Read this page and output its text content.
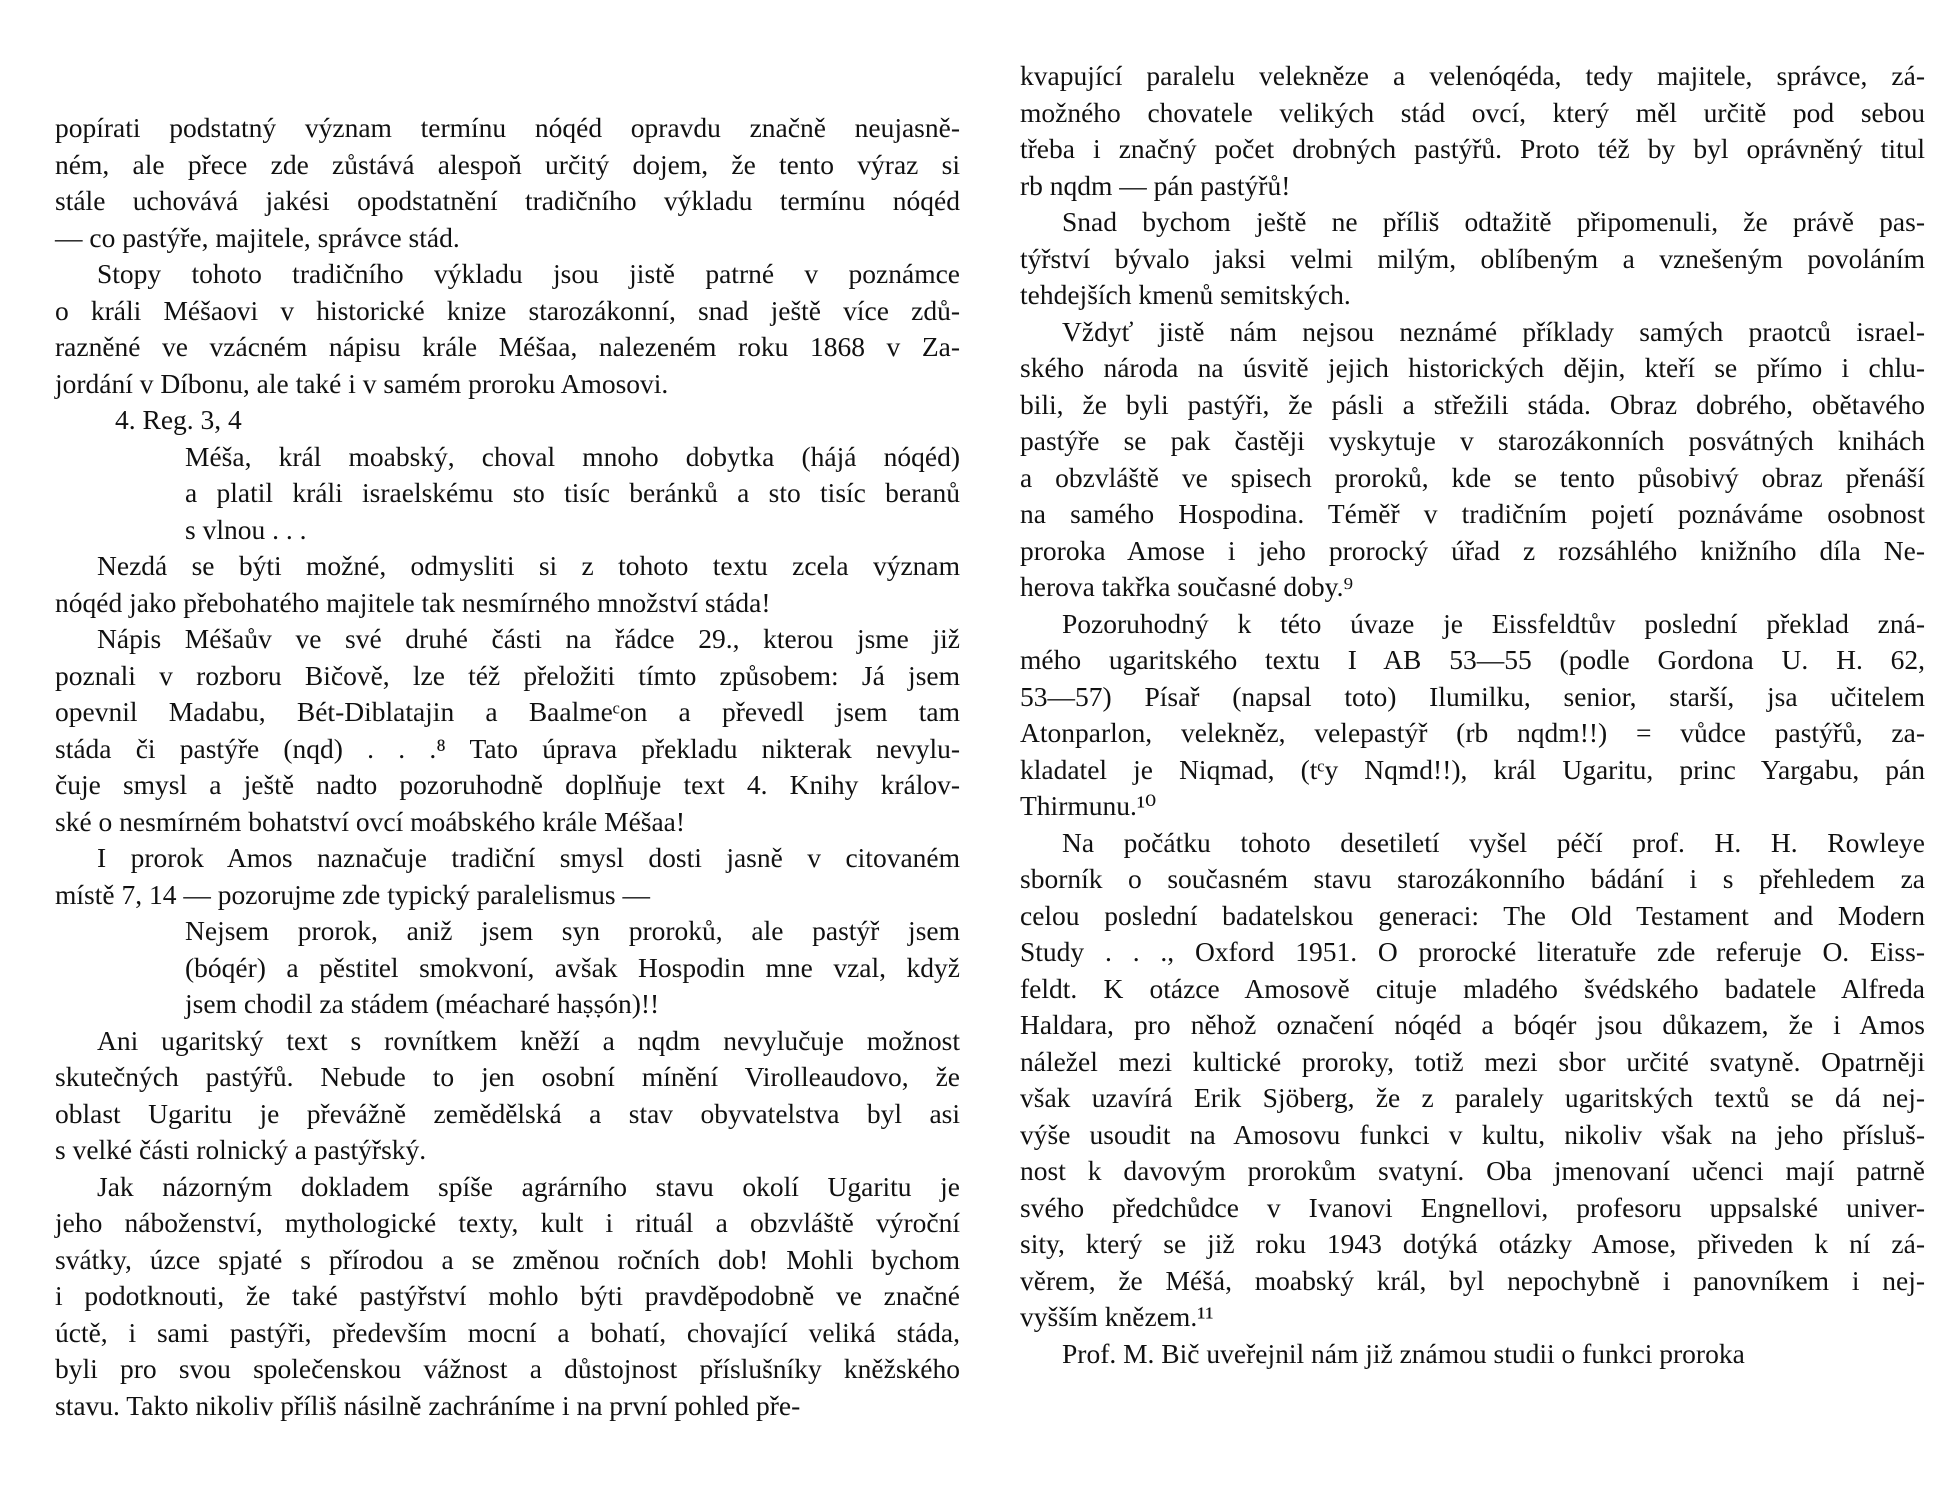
popírati podstatný význam termínu nóqéd opravdu značně neujasně-
ném, ale přece zde zůstává alespoň určitý dojem, že tento výraz si
stále uchovává jakési opodstatnění tradičního výkladu termínu nóqéd
— co pastýře, majitele, správce stád.
Stopy tohoto tradičního výkladu jsou jistě patrné v poznámce
o králi Méšaovi v historické knize starozákonní, snad ještě více zdů-
razněné ve vzácném nápisu krále Méšaa, nalezeném roku 1868 v Za-
jordání v Díbonu, ale také i v samém proroku Amosovi.
4. Reg. 3, 4
Méša, král moabský, choval mnoho dobytka (hájá nóqéd)
a platil králi israelskému sto tisíc beránků a sto tisíc beranů
s vlnou . . .
Nezdá se býti možné, odmysliti si z tohoto textu zcela význam
nóqéd jako přebohatého majitele tak nesmírného množství stáda!
Nápis Méšaův ve své druhé části na řádce 29., kterou jsme již
poznali v rozboru Bičově, lze též přeložiti tímto způsobem: Já jsem
opevnil Madabu, Bét-Diblatajin a Baalmeᶜon a převedl jsem tam
stáda či pastýře (nqd) . . .⁸ Tato úprava překladu nikterak nevylu-
čuje smysl a ještě nadto pozoruhodně doplňuje text 4. Knihy králov-
ské o nesmírném bohatství ovcí moábského krále Méšaa!
I prorok Amos naznačuje tradiční smysl dosti jasně v citovaném
místě 7, 14 — pozorujme zde typický paralelismus —
Nejsem prorok, aniž jsem syn proroků, ale pastýř jsem
(bóqér) a pěstitel smokvoní, avšak Hospodin mne vzal, když
jsem chodil za stádem (méacharé haṣṣón)!!
Ani ugaritský text s rovnítkem kněží a nqdm nevylučuje možnost
skutečných pastýřů. Nebude to jen osobní mínění Virolleaudovo, že
oblast Ugaritu je převážně zemědělská a stav obyvatelstva byl asi
s velké části rolnický a pastýřský.
Jak názorným dokladem spíše agrárního stavu okolí Ugaritu je
jeho náboženství, mythologické texty, kult i rituál a obzvláště výroční
svátky, úzce spjaté s přírodou a se změnou ročních dob! Mohli bychom
i podotknouti, že také pastýřství mohlo býti pravděpodobně ve značné
úctě, i sami pastýři, především mocní a bohatí, chovající veliká stáda,
byli pro svou společenskou vážnost a důstojnost příslušníky kněžského
stavu. Takto nikoliv příliš násilně zachráníme i na první pohled pře-
kvapující paralelu velekněze a velenóqéda, tedy majitele, správce, zá-
možného chovatele velikých stád ovcí, který měl určitě pod sebou
třeba i značný počet drobných pastýřů. Proto též by byl oprávněný titul
rb nqdm — pán pastýřů!
Snad bychom ještě ne příliš odtažitě připomenuli, že právě pas-
týřství bývalo jaksi velmi milým, oblíbeným a vznešeným povoláním
tehdejších kmenů semitských.
Vždyť jistě nám nejsou neznámé příklady samých praotců israel-
ského národa na úsvitě jejich historických dějin, kteří se přímo i chlu-
bili, že byli pastýři, že pásli a střežili stáda. Obraz dobrého, obětavého
pastýře se pak častěji vyskytuje v starozákonních posvátných knihách
a obzvláště ve spisech proroků, kde se tento působivý obraz přenáší
na samého Hospodina. Téměř v tradičním pojetí poznáváme osobnost
proroka Amose i jeho prorocký úřad z rozsáhlého knižního díla Ne-
herova takřka současné doby.⁹
Pozoruhodný k této úvaze je Eissfeldtův poslední překlad zná-
mého ugaritského textu I AB 53—55 (podle Gordona U. H. 62,
53—57) Písař (napsal toto) Ilumilku, senior, starší, jsa učitelem
Atonparlon, velekněz, velepastýř (rb nqdm!!) = vůdce pastýřů, za-
kladatel je Niqmad, (tᶜy Nqmd!!), král Ugaritu, princ Yargabu, pán
Thirmunu.¹⁰
Na počátku tohoto desetiletí vyšel péčí prof. H. H. Rowleye
sborník o současném stavu starozákonního bádání i s přehledem za
celou poslední badatelskou generaci: The Old Testament and Modern
Study . . ., Oxford 1951. O prorocké literatuře zde referuje O. Eiss-
feldt. K otázce Amosově cituje mladého švédského badatele Alfreda
Haldara, pro něhož označení nóqéd a bóqér jsou důkazem, že i Amos
náležel mezi kultické proroky, totiž mezi sbor určité svatyně. Opatrněji
však uzavírá Erik Sjöberg, že z paralely ugaritských textů se dá nej-
výše usoudit na Amosovu funkci v kultu, nikoliv však na jeho přísluš-
nost k davovým prorokům svatyní. Oba jmenovaní učenci mají patrně
svého předchůdce v Ivanovi Engnellovi, profesoru uppsalské univer-
sity, který se již roku 1943 dotýká otázky Amose, přiveden k ní zá-
věrem, že Méšá, moabský král, byl nepochybně i panovníkem i nej-
vyšším knězem.¹¹
Prof. M. Bič uveřejnil nám již známou studii o funkci proroka
